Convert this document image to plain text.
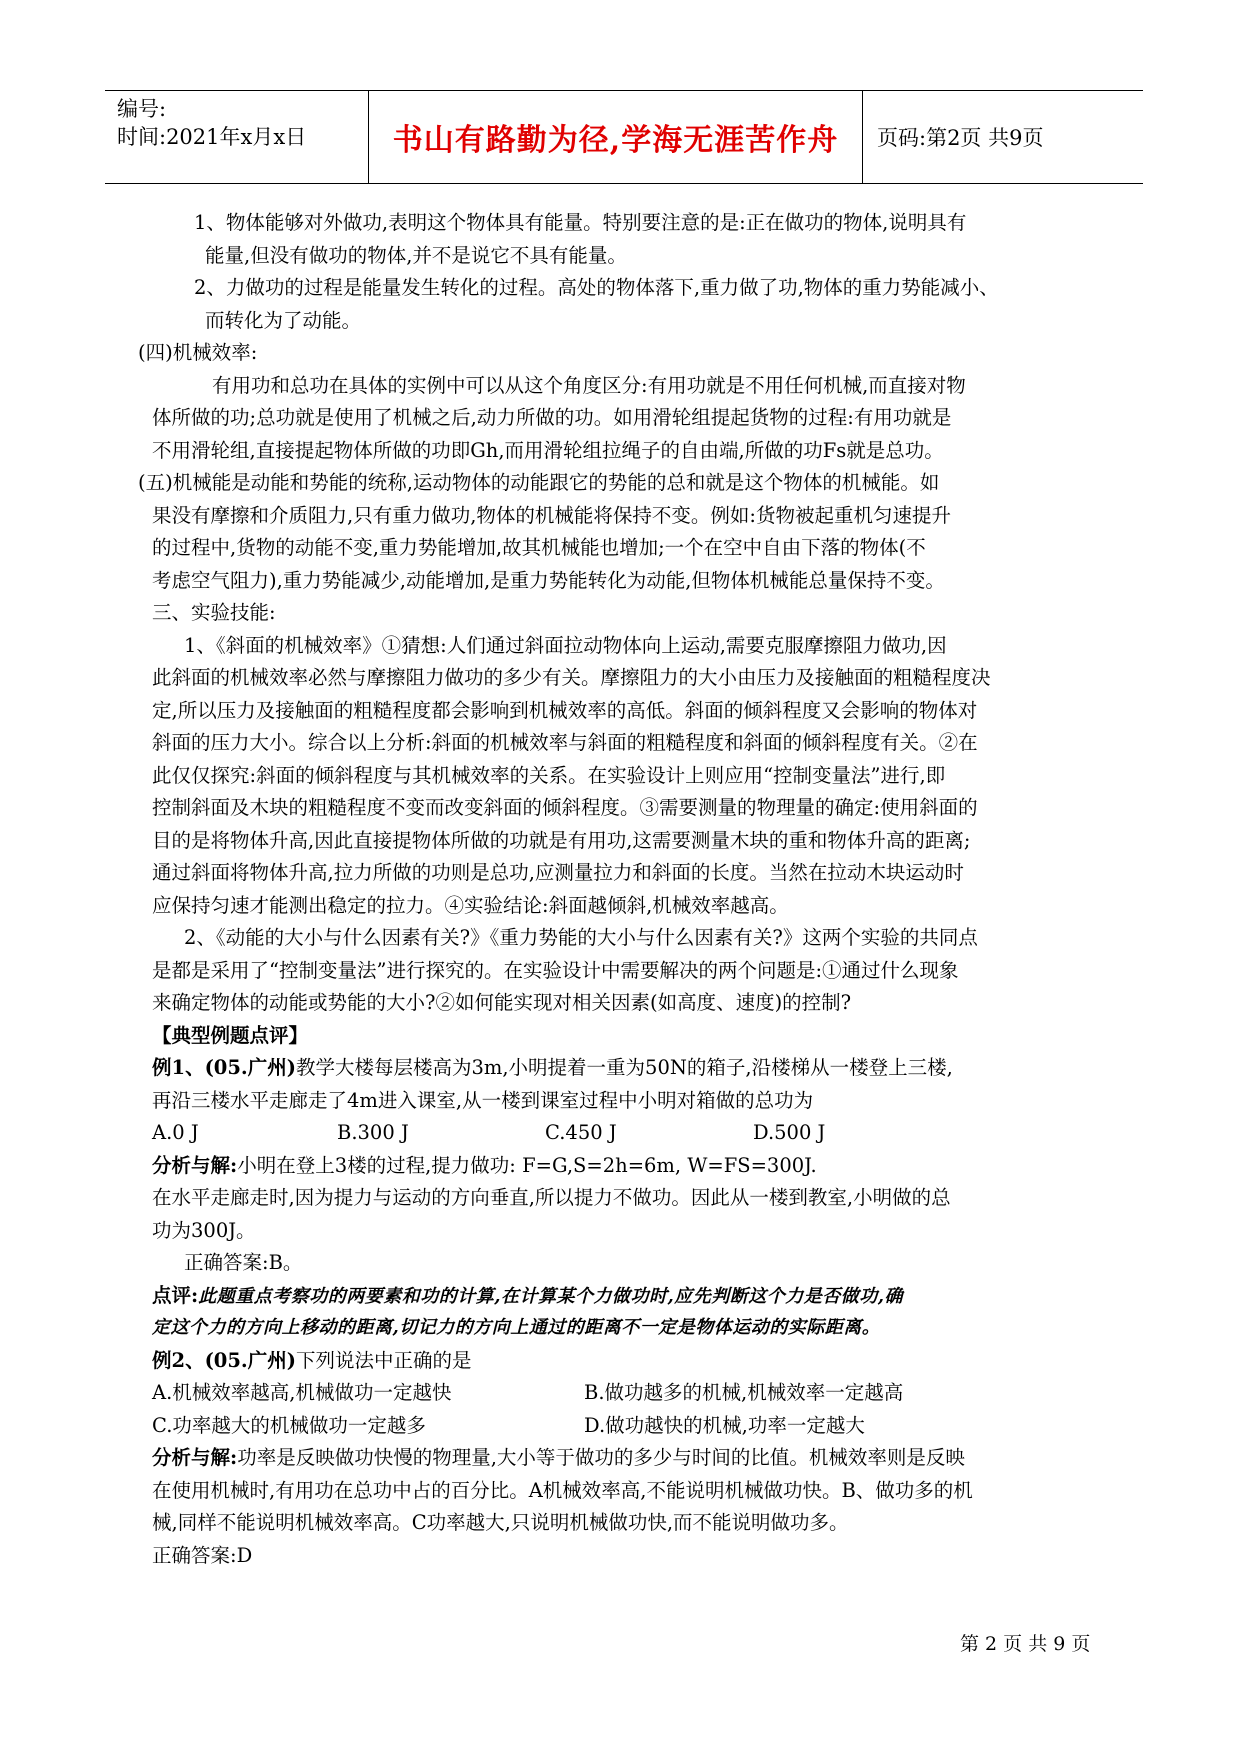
编号:
时间:2021年x月x日	书山有路勤为径,学海无涯苦作舟 页码:第2页 共9页
1、物体能够对外做功,表明这个物体具有能量。特别要注意的是:正在做功的物体,说明具有
能量,但没有做功的物体,并不是说它不具有能量。
2、力做功的过程是能量发生转化的过程。高处的物体落下,重力做了功,物体的重力势能减小、
而转化为了动能。
(四)机械效率:
有用功和总功在具体的实例中可以从这个角度区分:有用功就是不用任何机械,而直接对物
体所做的功;总功就是使用了机械之后,动力所做的功。如用滑轮组提起货物的过程:有用功就是
不用滑轮组,直接提起物体所做的功即Gh,而用滑轮组拉绳子的自由端,所做的功Fs就是总功。
(五)机械能是动能和势能的统称,运动物体的动能跟它的势能的总和就是这个物体的机械能。如
果没有摩擦和介质阻力,只有重力做功,物体的机械能将保持不变。例如:货物被起重机匀速提升
的过程中,货物的动能不变,重力势能增加,故其机械能也增加;一个在空中自由下落的物体(不
考虑空气阻力),重力势能减少,动能增加,是重力势能转化为动能,但物体机械能总量保持不变。
三、实验技能:
1、《斜面的机械效率》①猜想:人们通过斜面拉动物体向上运动,需要克服摩擦阻力做功,因
此斜面的机械效率必然与摩擦阻力做功的多少有关。摩擦阻力的大小由压力及接触面的粗糙程度决
定,所以压力及接触面的粗糙程度都会影响到机械效率的高低。斜面的倾斜程度又会影响的物体对
斜面的压力大小。综合以上分析:斜面的机械效率与斜面的粗糙程度和斜面的倾斜程度有关。②在
此仅仅探究:斜面的倾斜程度与其机械效率的关系。在实验设计上则应用“控制变量法”进行,即
控制斜面及木块的粗糙程度不变而改变斜面的倾斜程度。③需要测量的物理量的确定:使用斜面的
目的是将物体升高,因此直接提物体所做的功就是有用功,这需要测量木块的重和物体升高的距离;
通过斜面将物体升高,拉力所做的功则是总功,应测量拉力和斜面的长度。当然在拉动木块运动时
应保持匀速才能测出稳定的拉力。④实验结论:斜面越倾斜,机械效率越高。
2、《动能的大小与什么因素有关?》《重力势能的大小与什么因素有关?》这两个实验的共同点
是都是采用了“控制变量法”进行探究的。在实验设计中需要解决的两个问题是:①通过什么现象
来确定物体的动能或势能的大小?②如何能实现对相关因素(如高度、速度)的控制?
【典型例题点评】
例1、(05.广州)教学大楼每层楼高为3m,小明提着一重为50N的箱子,沿楼梯从一楼登上三楼,
再沿三楼水平走廊走了4m进入课室,从一楼到课室过程中小明对箱做的总功为
A.0 J	B.300 J	C.450 J	D.500 J
分析与解:小明在登上3楼的过程,提力做功: F=G,S=2h=6m, W=FS=300J.
在水平走廊走时,因为提力与运动的方向垂直,所以提力不做功。因此从一楼到教室,小明做的总
功为300J。
正确答案:B。
点评:此题重点考察功的两要素和功的计算,在计算某个力做功时,应先判断这个力是否做功,确
定这个力的方向上移动的距离,切记力的方向上通过的距离不一定是物体运动的实际距离。
例2、(05.广州)下列说法中正确的是
A.机械效率越高,机械做功一定越快	B.做功越多的机械,机械效率一定越高
C.功率越大的机械做功一定越多	D.做功越快的机械,功率一定越大
分析与解:功率是反映做功快慢的物理量,大小等于做功的多少与时间的比值。机械效率则是反映
在使用机械时,有用功在总功中占的百分比。A机械效率高,不能说明机械做功快。B、做功多的机
械,同样不能说明机械效率高。C功率越大,只说明机械做功快,而不能说明做功多。
正确答案:D
第 2 页 共 9 页
